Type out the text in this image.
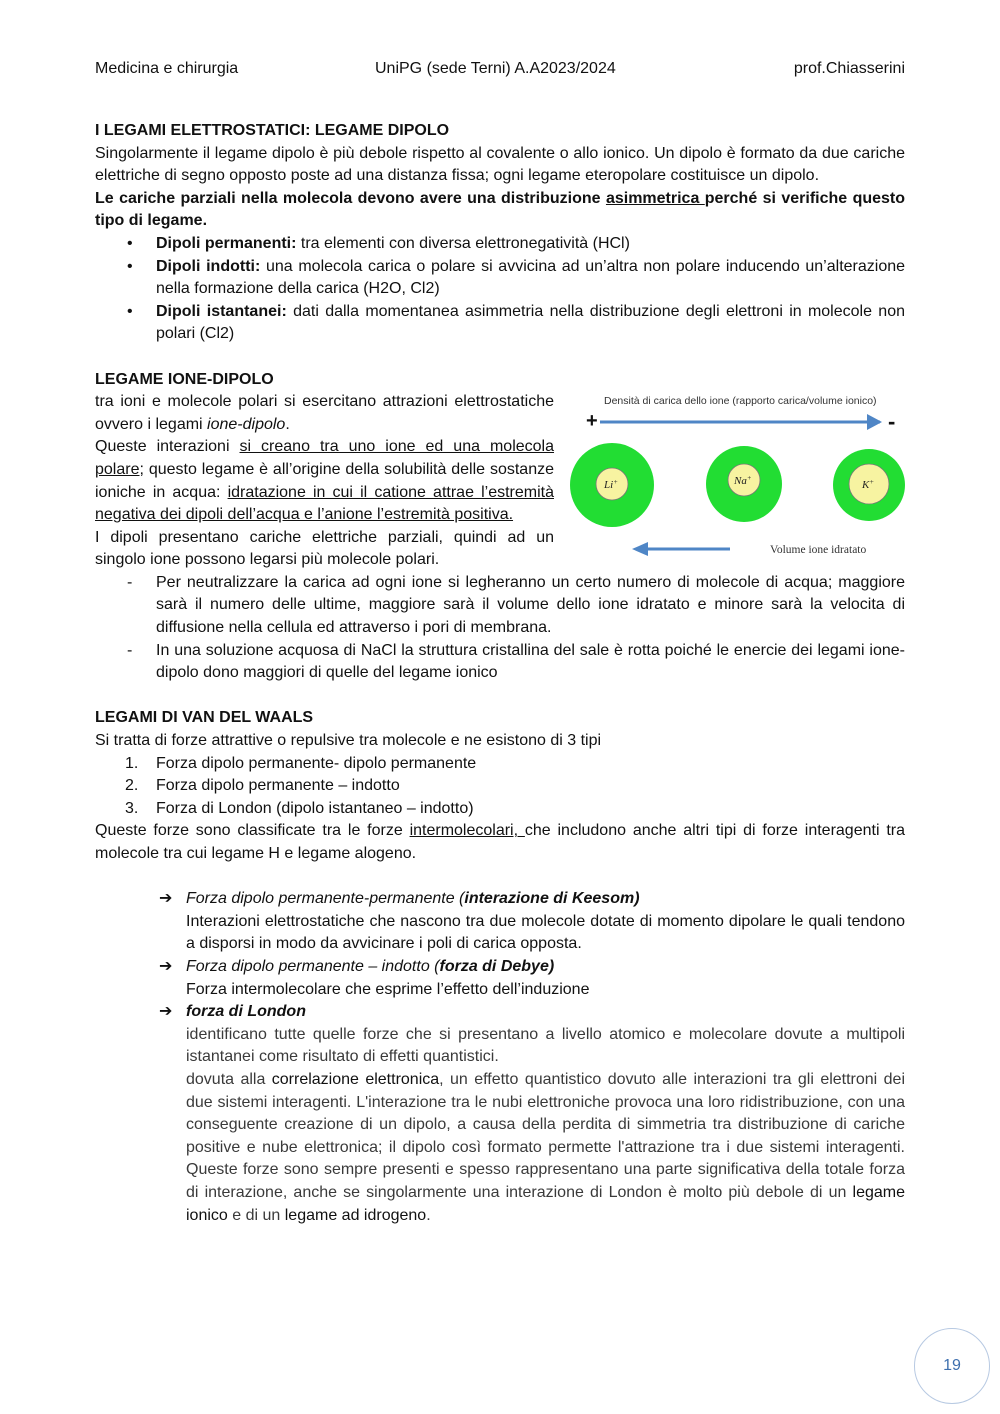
Medicina e chirurgia	UniPG (sede Terni) A.A2023/2024	prof.Chiasserini

I LEGAMI ELETTROSTATICI: LEGAME DIPOLO

Singolarmente il legame dipolo è più debole rispetto al covalente o allo ionico. Un dipolo è formato da due cariche elettriche di segno opposto poste ad una distanza fissa; ogni legame eteropolare costituisce un dipolo.

Le cariche parziali nella molecola devono avere una distribuzione asimmetrica perché si verifiche questo tipo di legame.

• Dipoli permanenti: tra elementi con diversa elettronegatività (HCl)
• Dipoli indotti: una molecola carica o polare si avvicina ad un’altra non polare inducendo un’alterazione nella formazione della carica (H2O, Cl2)
• Dipoli istantanei: dati dalla momentanea asimmetria nella distribuzione degli elettroni in molecole non polari (Cl2)

LEGAME IONE-DIPOLO

Densità di carica dello ione (rapporto carica/volume ionico)
+	-
Li+	Na+
K+
Volume ione idratato

tra ioni e molecole polari si esercitano attrazioni elettrostatiche ovvero i legami ione-dipolo.

Queste interazioni si creano tra uno ione ed una molecola polare; questo legame è all’origine della solubilità delle sostanze ioniche in acqua: idratazione in cui il catione attrae l’estremità negativa dei dipoli dell’acqua e l’anione l’estremità positiva.

I dipoli presentano cariche elettriche parziali, quindi ad un singolo ione possono legarsi più molecole polari.

- Per neutralizzare la carica ad ogni ione si legheranno un certo numero di molecole di acqua; maggiore sarà il numero delle ultime, maggiore sarà il volume dello ione idratato e minore sarà la velocita di diffusione nella cellula ed attraverso i pori di membrana.
- In una soluzione acquosa di NaCl la struttura cristallina del sale è rotta poiché le enercie dei legami ione-dipolo dono maggiori di quelle del legame ionico

LEGAMI DI VAN DEL WAALS

Si tratta di forze attrattive o repulsive tra molecole e ne esistono di 3 tipi

1. Forza dipolo permanente- dipolo permanente
2. Forza dipolo permanente – indotto
3. Forza di London (dipolo istantaneo – indotto)

Queste forze sono classificate tra le forze intermolecolari, che includono anche altri tipi di forze interagenti tra molecole tra cui legame H e legame alogeno.

➔ Forza dipolo permanente-permanente (interazione di Keesom)
Interazioni elettrostatiche che nascono tra due molecole dotate di momento dipolare le quali tendono a disporsi in modo da avvicinare i poli di carica opposta.
➔ Forza dipolo permanente – indotto (forza di Debye)
Forza intermolecolare che esprime l’effetto dell’induzione
➔ forza di London
identificano tutte quelle forze che si presentano a livello atomico e molecolare dovute a multipoli istantanei come risultato di effetti quantistici.
dovuta alla correlazione elettronica, un effetto quantistico dovuto alle interazioni tra gli elettroni dei due sistemi interagenti. L'interazione tra le nubi elettroniche provoca una loro ridistribuzione, con una conseguente creazione di un dipolo, a causa della perdita di simmetria tra distribuzione di cariche positive e nube elettronica; il dipolo così formato permette l'attrazione tra i due sistemi interagenti. Queste forze sono sempre presenti e spesso rappresentano una parte significativa della totale forza di interazione, anche se singolarmente una interazione di London è molto più debole di un legame ionico e di un legame ad idrogeno.
19
